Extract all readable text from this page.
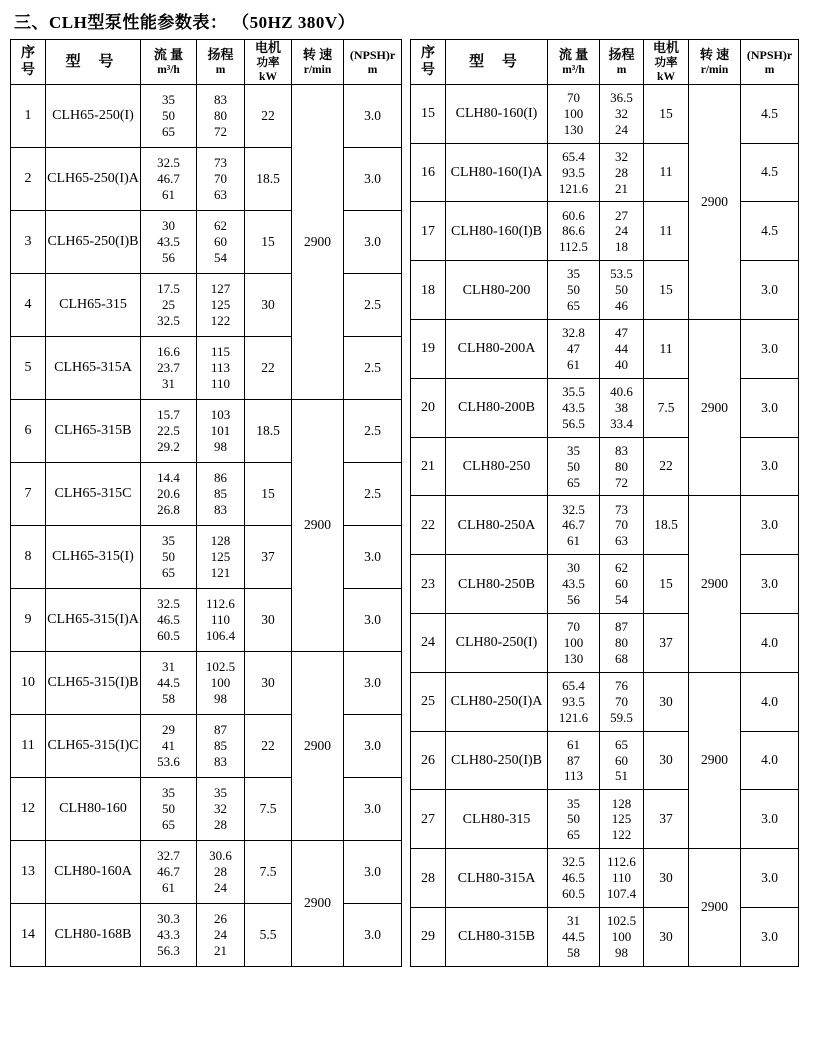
三、CLH型泵性能参数表： （50HZ 380V）
序
号
	型 号	流 量
m³/h
	扬程
m
	电机
功率
kW
	转 速
r/min
	(NPSH)r
m

1	CLH65-250(I)	
35
50
65

83
80
72
	22	2900	3.0
2	CLH65-250(I)A	
32.5
46.7
61

73
70
63
	18.5	3.0
3	CLH65-250(I)B	
30
43.5
56

62
60
54
	15	3.0
4	CLH65-315	
17.5
25
32.5

127
125
122
	30	2.5
5	CLH65-315A	
16.6
23.7
31

115
113
110
	22	2.5
6	CLH65-315B	
15.7
22.5
29.2

103
101
98
	18.5	2900	2.5
7	CLH65-315C	
14.4
20.6
26.8

86
85
83
	15	2.5
8	CLH65-315(I)	
35
50
65

128
125
121
	37	3.0
9	CLH65-315(I)A	
32.5
46.5
60.5

112.6
110
106.4
	30	3.0
10	CLH65-315(I)B	
31
44.5
58

102.5
100
98
	30	2900	3.0
11	CLH65-315(I)C	
29
41
53.6

87
85
83
	22	3.0
12	CLH80-160	
35
50
65

35
32
28
	7.5	3.0
13	CLH80-160A	
32.7
46.7
61

30.6
28
24
	7.5	2900	3.0
14	CLH80-168B	
30.3
43.3
56.3

26
24
21
	5.5	3.0
序
号
	型 号	流 量
m³/h
	扬程
m
	电机
功率
kW
	转 速
r/min
	(NPSH)r
m

15	CLH80-160(I)	
70
100
130

36.5
32
24
	15	2900	4.5
16	CLH80-160(I)A	
65.4
93.5
121.6

32
28
21
	11	4.5
17	CLH80-160(I)B	
60.6
86.6
112.5

27
24
18
	11	4.5
18	CLH80-200	
35
50
65

53.5
50
46
	15	3.0
19	CLH80-200A	
32.8
47
61

47
44
40
	11	2900	3.0
20	CLH80-200B	
35.5
43.5
56.5

40.6
38
33.4
	7.5	3.0
21	CLH80-250	
35
50
65

83
80
72
	22	3.0
22	CLH80-250A	
32.5
46.7
61

73
70
63
	18.5	2900	3.0
23	CLH80-250B	
30
43.5
56

62
60
54
	15	3.0
24	CLH80-250(I)	
70
100
130

87
80
68
	37	4.0
25	CLH80-250(I)A	
65.4
93.5
121.6

76
70
59.5
	30	2900	4.0
26	CLH80-250(I)B	
61
87
113

65
60
51
	30	4.0
27	CLH80-315	
35
50
65

128
125
122
	37	3.0
28	CLH80-315A	
32.5
46.5
60.5

112.6
110
107.4
	30	2900	3.0
29	CLH80-315B	
31
44.5
58

102.5
100
98
	30	3.0
